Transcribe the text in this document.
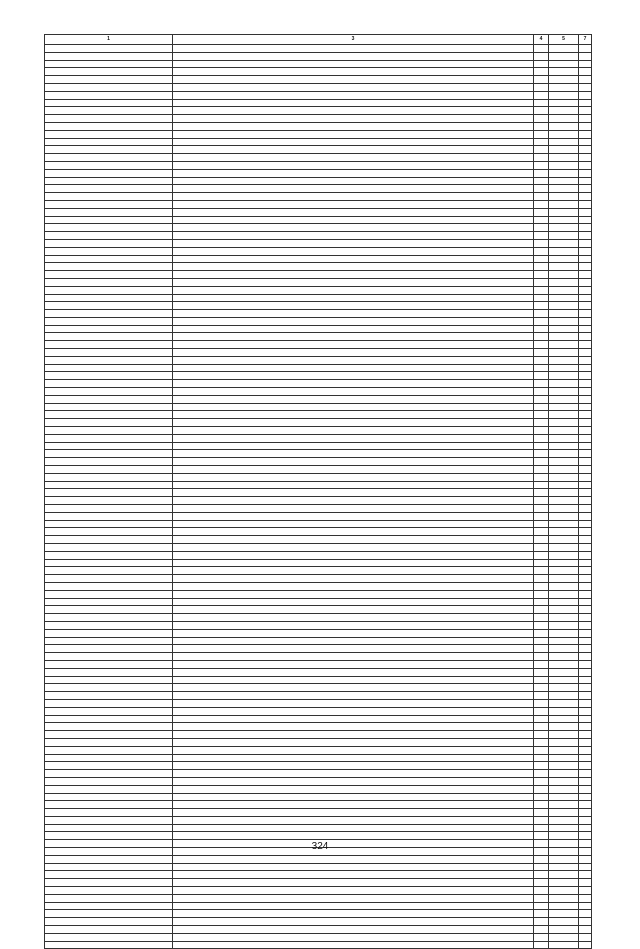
1		3	4	5		7

324
